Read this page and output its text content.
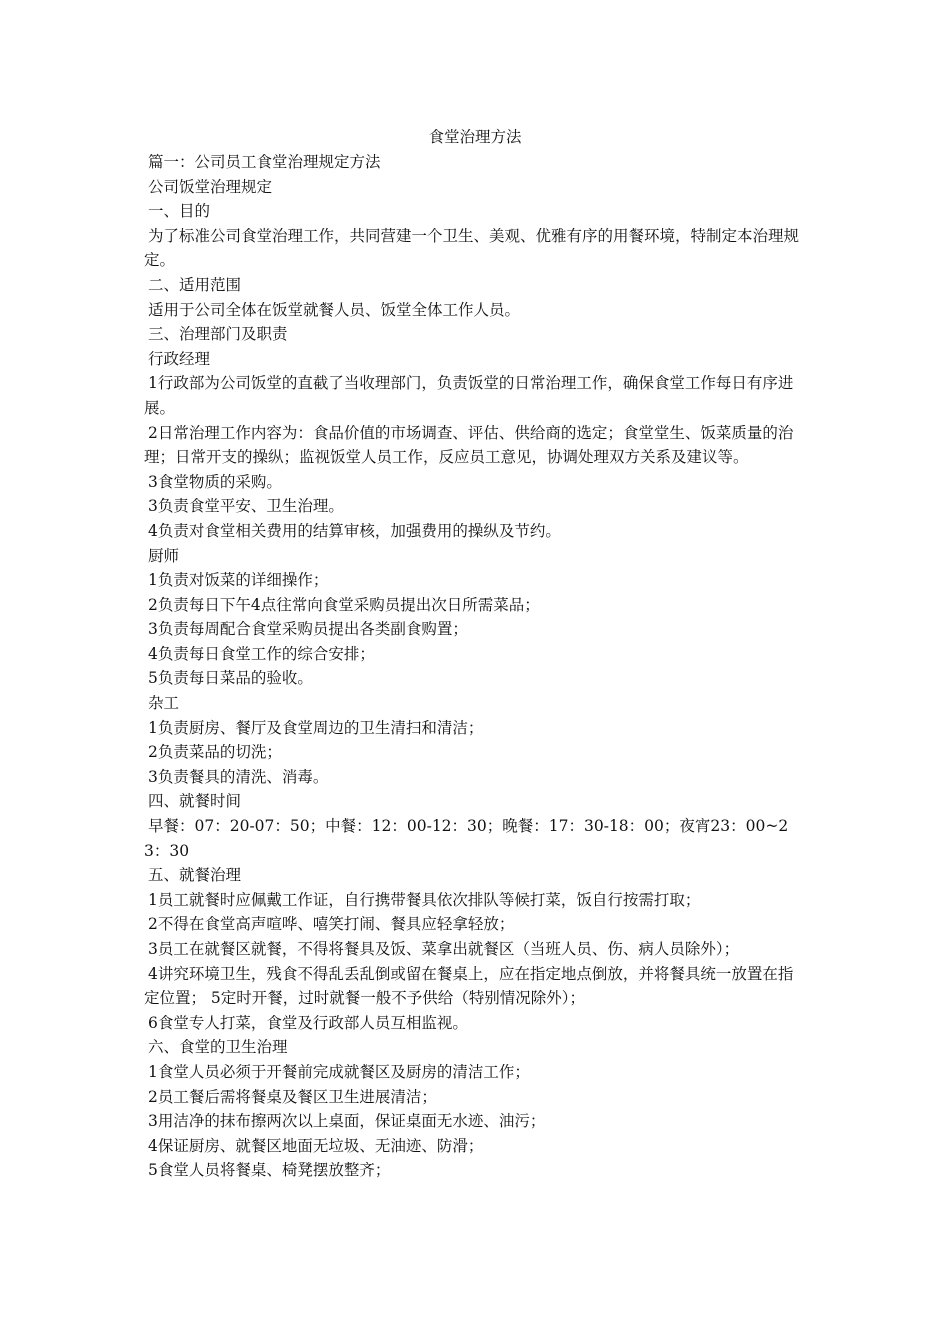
食堂治理方法

篇一：公司员工食堂治理规定方法

公司饭堂治理规定

一、目的

为了标准公司食堂治理工作，共同营建一个卫生、美观、优雅有序的用餐环境，特制定本治理规定。

二、适用范围

适用于公司全体在饭堂就餐人员、饭堂全体工作人员。

三、治理部门及职责

行政经理

1行政部为公司饭堂的直截了当收理部门，负责饭堂的日常治理工作，确保食堂工作每日有序进展。

2日常治理工作内容为：食品价值的市场调查、评估、供给商的选定；食堂堂生、饭菜质量的治理；日常开支的操纵；监视饭堂人员工作，反应员工意见，协调处理双方关系及建议等。

3食堂物质的采购。

3负责食堂平安、卫生治理。

4负责对食堂相关费用的结算审核，加强费用的操纵及节约。

厨师

1负责对饭菜的详细操作；

2负责每日下午4点往常向食堂采购员提出次日所需菜品；

3负责每周配合食堂采购员提出各类副食购置；

4负责每日食堂工作的综合安排；

5负责每日菜品的验收。

杂工

1负责厨房、餐厅及食堂周边的卫生清扫和清洁；

2负责菜品的切洗；

3负责餐具的清洗、消毒。

四、就餐时间

早餐：07：20-07：50；中餐：12：00-12：30；晚餐：17：30-18：00；夜宵23：00~23：30

五、就餐治理

1员工就餐时应佩戴工作证，自行携带餐具依次排队等候打菜，饭自行按需打取；

2不得在食堂高声喧哗、嘻笑打闹、餐具应轻拿轻放；

3员工在就餐区就餐，不得将餐具及饭、菜拿出就餐区（当班人员、伤、病人员除外）；

4讲究环境卫生，残食不得乱丢乱倒或留在餐桌上，应在指定地点倒放，并将餐具统一放置在指定位置； 5定时开餐，过时就餐一般不予供给（特别情况除外）；

6食堂专人打菜，食堂及行政部人员互相监视。

六、食堂的卫生治理

1食堂人员必须于开餐前完成就餐区及厨房的清洁工作；

2员工餐后需将餐桌及餐区卫生进展清洁；

3用洁净的抹布擦两次以上桌面，保证桌面无水迹、油污；

4保证厨房、就餐区地面无垃圾、无油迹、防滑；

5食堂人员将餐桌、椅凳摆放整齐；
